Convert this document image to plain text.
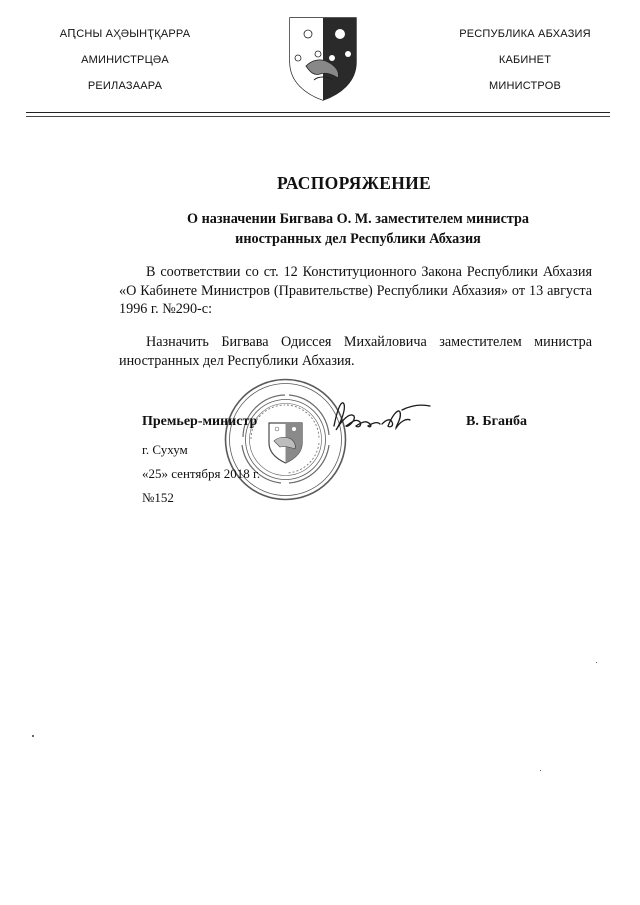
АԤСНЫ АҲӘЫНҬҚАРРА
АМИНИСТРЦӘА
РЕИЛАЗААРА
РЕСПУБЛИКА АБХАЗИЯ
КАБИНЕТ
МИНИСТРОВ
РАСПОРЯЖЕНИЕ
О назначении Бигвава О. М. заместителем министра
иностранных дел Республики Абхазия
В соответствии со ст. 12 Конституционного Закона Республики Абхазия «О Кабинете Министров (Правительстве) Республики Абхазия» от 13 августа 1996 г. №290-с:
Назначить Бигвава Одиссея Михайловича заместителем министра иностранных дел Республики Абхазия.
Премьер-министр	В. Бганба
г. Сухум
«25» сентября 2018 г.
№152
